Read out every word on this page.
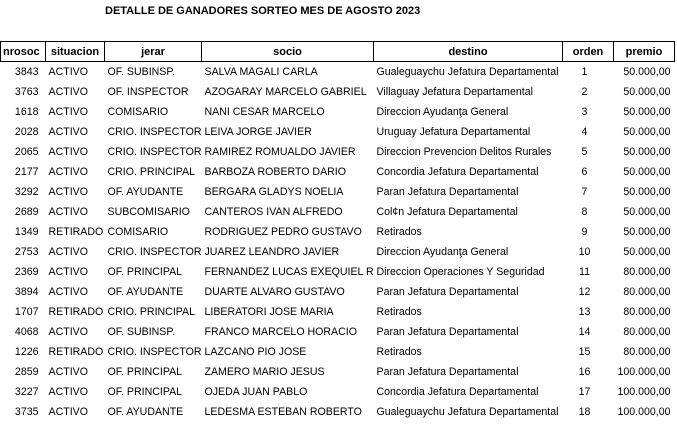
DETALLE DE GANADORES SORTEO MES DE AGOSTO 2023
nrosoc	situacion	jerar	socio	destino	orden	premio
3843	ACTIVO	OF. SUBINSP.	SALVA MAGALI CARLA	Gualeguaychu Jefatura Departamental	1	50.000,00
3763	ACTIVO	OF. INSPECTOR	AZOGARAY MARCELO GABRIEL	Villaguay Jefatura Departamental	2	50.000,00
1618	ACTIVO	COMISARIO	NANI CESAR MARCELO	Direccion Ayudanţa General	3	50.000,00
2028	ACTIVO	CRIO. INSPECTOR	LEIVA JORGE JAVIER	Uruguay Jefatura Departamental	4	50.000,00
2065	ACTIVO	CRIO. INSPECTOR	RAMIREZ ROMUALDO JAVIER	Direccion Prevencion Delitos Rurales	5	50.000,00
2177	ACTIVO	CRIO. PRINCIPAL	BARBOZA ROBERTO DARIO	Concordia Jefatura Departamental	6	50.000,00
3292	ACTIVO	OF. AYUDANTE	BERGARA GLADYS NOELIA	Paran Jefatura Departamental	7	50.000,00
2689	ACTIVO	SUBCOMISARIO	CANTEROS IVAN ALFREDO	Col¢n Jefatura Departamental	8	50.000,00
1349	RETIRADO	COMISARIO	RODRIGUEZ PEDRO GUSTAVO	Retirados	9	50.000,00
2753	ACTIVO	CRIO. INSPECTOR	JUAREZ LEANDRO JAVIER	Direccion Ayudanţa General	10	50.000,00
2369	ACTIVO	OF. PRINCIPAL	FERNANDEZ LUCAS EXEQUIEL R	Direccion Operaciones Y Seguridad	11	80.000,00
3894	ACTIVO	OF. AYUDANTE	DUARTE ALVARO GUSTAVO	Paran Jefatura Departamental	12	80.000,00
1707	RETIRADO	CRIO. PRINCIPAL	LIBERATORI JOSE MARIA	Retirados	13	80.000,00
4068	ACTIVO	OF. SUBINSP.	FRANCO MARCELO HORACIO	Paran Jefatura Departamental	14	80.000,00
1226	RETIRADO	CRIO. INSPECTOR	LAZCANO PIO JOSE	Retirados	15	80.000,00
2859	ACTIVO	OF. PRINCIPAL	ZAMERO MARIO JESUS	Paran Jefatura Departamental	16	100.000,00
3227	ACTIVO	OF. PRINCIPAL	OJEDA JUAN PABLO	Concordia Jefatura Departamental	17	100.000,00
3735	ACTIVO	OF. AYUDANTE	LEDESMA ESTEBAN ROBERTO	Gualeguaychu Jefatura Departamental	18	100.000,00
